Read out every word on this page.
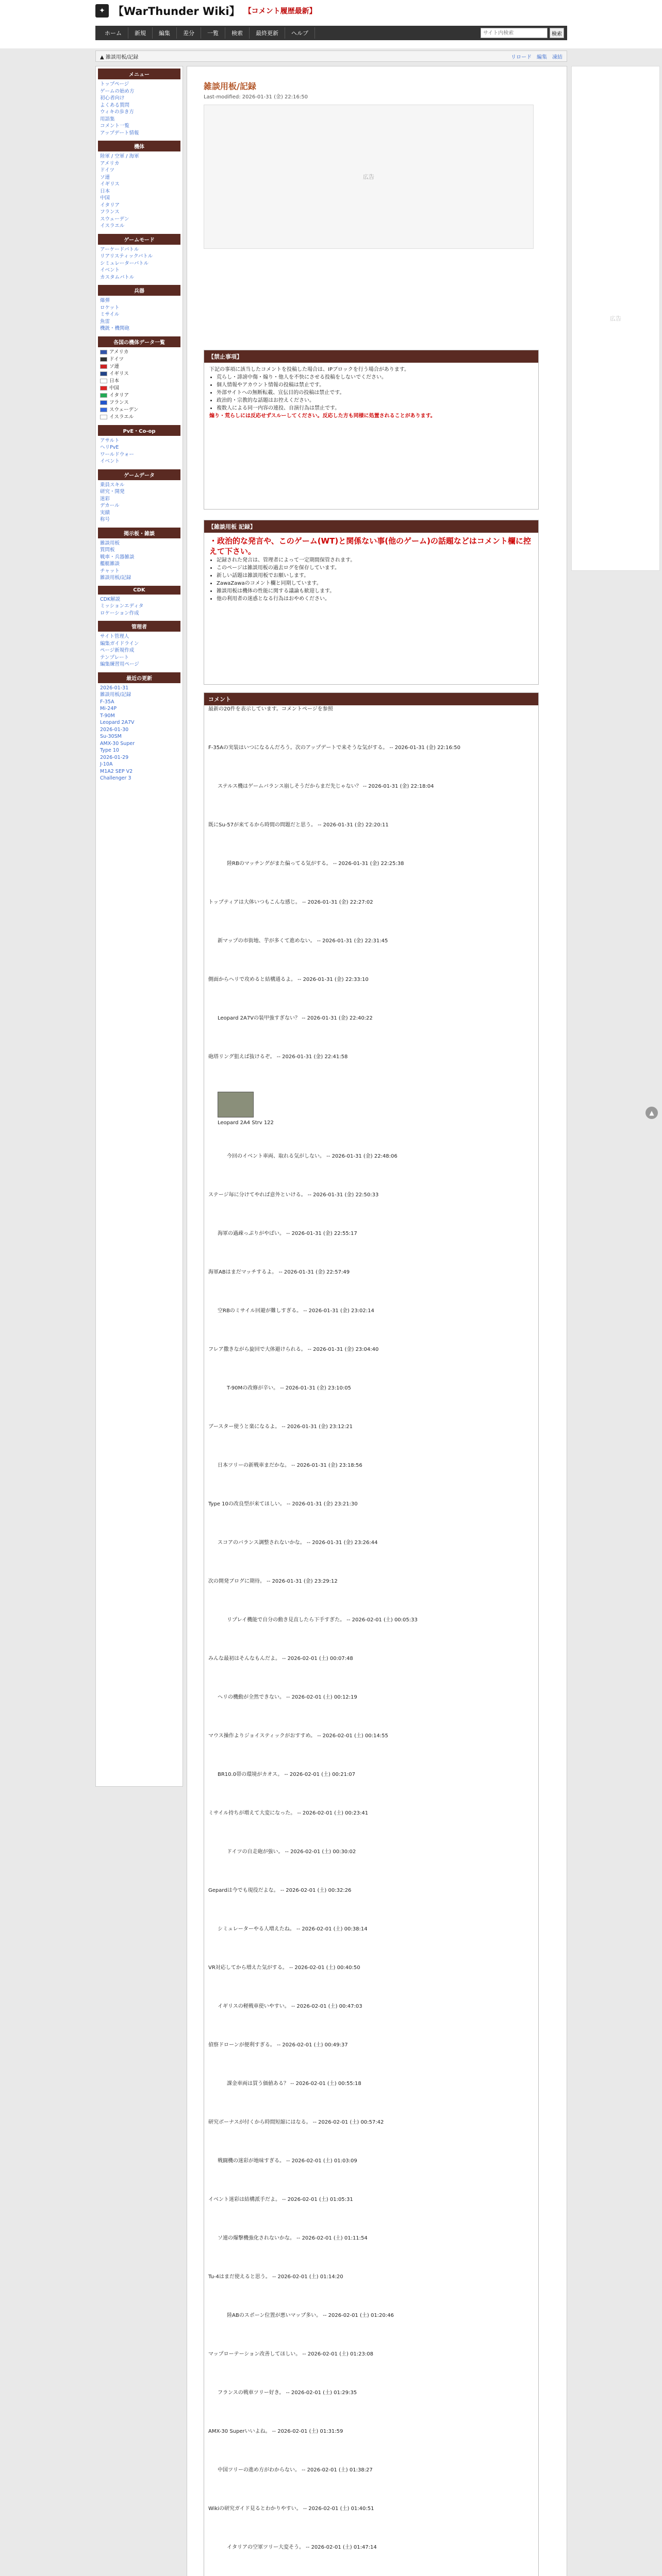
✦ 【WarThunder Wiki】 【コメント履歴最新】
ホーム	新規	編集	差分	一覧	検索	最終更新	ヘルプ
サイト内検索	検索
▲ 雑談用板/記録	リロード 編集 凍結
メニュー
トップページ
ゲームの始め方
初心者向け
よくある質問
ウィキの歩き方
用語集
コメント一覧
アップデート情報
機体
陸軍 / 空軍 / 海軍
アメリカ
ドイツ
ソ連
イギリス
日本
中国
イタリア
フランス
スウェーデン
イスラエル
ゲームモード
アーケードバトル
リアリスティックバトル
シミュレーターバトル
イベント
カスタムバトル
兵器
爆弾
ロケット
ミサイル
魚雷
機銃・機関砲
各国の機体データ一覧
アメリカ
ドイツ
ソ連
イギリス
日本
中国
イタリア
フランス
スウェーデン
イスラエル
PvE・Co-op
アサルト
ヘリPvE
ワールドウォー
イベント
ゲームデータ
乗員スキル
研究・開発
迷彩
デカール
実績
称号
掲示板・雑談
雑談用板
質問板
戦車・兵器雑談
艦艇雑談
チャット
雑談用板/記録
CDK
CDK解説
ミッションエディタ
ロケーション作成
管理者
サイト管理人
編集ガイドライン
ページ新規作成
テンプレート
編集練習用ページ
最近の更新
2026-01-31
雑談用板/記録
F-35A
Mi-24P
T-90M
Leopard 2A7V
2026-01-30
Su-30SM
AMX-30 Super
Type 10
2026-01-29
J-10A
M1A2 SEP V2
Challenger 3
雑談用板/記録
Last-modified: 2026-01-31 (金) 22:16:50
広告
【禁止事項】
下記の事項に該当したコメントを投稿した場合は、IPブロックを行う場合があります。
• 荒らし・誹謗中傷・煽り・他人を不快にさせる投稿をしないでください。
• 個人情報やアカウント情報の投稿は禁止です。
• 外部サイトへの無断転載、宣伝目的の投稿は禁止です。
• 政治的・宗教的な話題はお控えください。
• 複数人による同一内容の連投、自演行為は禁止です。
煽り・荒らしには反応せずスルーしてください。反応した方も同様に処置されることがあります。
【雑談用板 記録】
・政治的な発言や、このゲーム(WT)と関係ない事(他のゲーム)の話題などはコメント欄に控えて下さい。
• 記録された発言は、管理者によって一定期間保管されます。
• このページは雑談用板の過去ログを保存しています。
• 新しい話題は雑談用板でお願いします。
• ZawaZawaのコメント欄と同期しています。
• 雑談用板は機体の性能に関する議論も歓迎します。
• 他の利用者の迷惑となる行為はおやめください。
コメント
最新の20件を表示しています。コメントページを参照
F-35Aの実装はいつになるんだろう。次のアップデートで来そうな気がする。 -- 2026-01-31 (金) 22:16:50
ステルス機はゲームバランス崩しそうだからまだ先じゃない？ -- 2026-01-31 (金) 22:18:04
既にSu-57が来てるから時間の問題だと思う。 -- 2026-01-31 (金) 22:20:11
陸RBのマッチングがまた偏ってる気がする。 -- 2026-01-31 (金) 22:25:38
トップティアは大体いつもこんな感じ。 -- 2026-01-31 (金) 22:27:02
新マップの市街地、芋が多くて進めない。 -- 2026-01-31 (金) 22:31:45
側面からヘリで攻めると結構通るよ。 -- 2026-01-31 (金) 22:33:10
Leopard 2A7Vの装甲強すぎない？ -- 2026-01-31 (金) 22:40:22
砲塔リング狙えば抜けるぞ。 -- 2026-01-31 (金) 22:41:58
Leopard 2A4 Strv 122
今回のイベント車両、取れる気がしない。 -- 2026-01-31 (金) 22:48:06
ステージ毎に分けてやれば意外といける。 -- 2026-01-31 (金) 22:50:33
海軍の過疎っぷりがやばい。 -- 2026-01-31 (金) 22:55:17
海軍ABはまだマッチするよ。 -- 2026-01-31 (金) 22:57:49
空RBのミサイル回避が難しすぎる。 -- 2026-01-31 (金) 23:02:14
フレア撒きながら旋回で大体避けられる。 -- 2026-01-31 (金) 23:04:40
T-90Mの改修が辛い。 -- 2026-01-31 (金) 23:10:05
ブースター使うと楽になるよ。 -- 2026-01-31 (金) 23:12:21
日本ツリーの新戦車まだかな。 -- 2026-01-31 (金) 23:18:56
Type 10の改良型が来てほしい。 -- 2026-01-31 (金) 23:21:30
スコアのバランス調整されないかな。 -- 2026-01-31 (金) 23:26:44
次の開発ブログに期待。 -- 2026-01-31 (金) 23:29:12
リプレイ機能で自分の動き見直したら下手すぎた。 -- 2026-02-01 (土) 00:05:33
みんな最初はそんなもんだよ。 -- 2026-02-01 (土) 00:07:48
ヘリの機動が全然できない。 -- 2026-02-01 (土) 00:12:19
マウス操作よりジョイスティックがおすすめ。 -- 2026-02-01 (土) 00:14:55
BR10.0帯の環境がカオス。 -- 2026-02-01 (土) 00:21:07
ミサイル持ちが増えて大変になった。 -- 2026-02-01 (土) 00:23:41
ドイツの自走砲が強い。 -- 2026-02-01 (土) 00:30:02
Gepardは今でも現役だよな。 -- 2026-02-01 (土) 00:32:26
シミュレーターやる人増えたね。 -- 2026-02-01 (土) 00:38:14
VR対応してから増えた気がする。 -- 2026-02-01 (土) 00:40:50
イギリスの軽戦車使いやすい。 -- 2026-02-01 (土) 00:47:03
偵察ドローンが便利すぎる。 -- 2026-02-01 (土) 00:49:37
課金車両は買う価値ある？ -- 2026-02-01 (土) 00:55:18
研究ボーナスが付くから時間短縮にはなる。 -- 2026-02-01 (土) 00:57:42
戦闘機の迷彩が地味すぎる。 -- 2026-02-01 (土) 01:03:09
イベント迷彩は結構派手だよ。 -- 2026-02-01 (土) 01:05:31
ソ連の爆撃機強化されないかな。 -- 2026-02-01 (土) 01:11:54
Tu-4はまだ使えると思う。 -- 2026-02-01 (土) 01:14:20
陸ABのスポーン位置が悪いマップ多い。 -- 2026-02-01 (土) 01:20:46
マップローテーション改善してほしい。 -- 2026-02-01 (土) 01:23:08
フランスの戦車ツリー好き。 -- 2026-02-01 (土) 01:29:35
AMX-30 Superいいよね。 -- 2026-02-01 (土) 01:31:59
中国ツリーの進め方がわからない。 -- 2026-02-01 (土) 01:38:27
Wikiの研究ガイド見るとわかりやすい。 -- 2026-02-01 (土) 01:40:51
イタリアの空軍ツリー大変そう。 -- 2026-02-01 (土) 01:47:14
広告
▲
